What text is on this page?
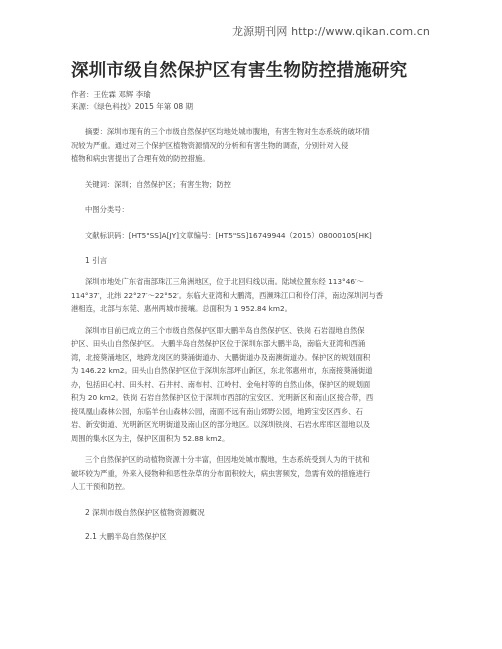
龙源期刊网 http://www.qikan.com.cn
深圳市级自然保护区有害生物防控措施研究
作者：王佐霖 邓辉 李瑜
来源：《绿色科技》2015 年第 08 期
摘要：深圳市现有的三个市级自然保护区均地处城市腹地，有害生物对生态系统的破坏情
况较为严重。通过对三个保护区植物资源情况的分析和有害生物的调查，分别针对入侵
植物和病虫害提出了合理有效的防控措施。
关键词：深圳；自然保护区；有害生物；防控
中图分类号：
文献标识码：[HT5"SS]A[JY]文章编号：[HT5"SS]16749944（2015）08000105[HK]
1 引言
深圳市地处广东省南部珠江三角洲地区，位于北回归线以南。陆域位置东经 113°46′～
114°37′，北纬 22°27′～22°52′。东临大亚湾和大鹏湾，西濒珠江口和伶仃洋，南边深圳河与香
港相连，北部与东莞、惠州两城市接壤。总面积为 1 952.84 km2。
深圳市目前已成立的三个市级自然保护区即大鹏半岛自然保护区、铁岗 石岩湿地自然保
护区、田头山自然保护区。 大鹏半岛自然保护区位于深圳东部大鹏半岛，南临大亚湾和西涌
湾，北接葵涌地区，地跨龙岗区的葵涌街道办、大鹏街道办及南澳街道办。保护区的规划面积
为 146.22 km2。田头山自然保护区位于深圳东部坪山新区，东北邻惠州市，东南接葵涌街道
办，包括田心村、田头村、石井村、南布村、江岭村、金龟村等的自然山体，保护区的规划面
积为 20 km2。铁岗 石岩自然保护区位于深圳市西部的宝安区、光明新区和南山区接合带，西
接凤凰山森林公园，东临羊台山森林公园，南面不远有南山郊野公园，地跨宝安区西乡、石
岩、新安街道、光明新区光明街道及南山区的部分地区。以深圳铁岗、石岩水库库区湿地以及
周围的集水区为主，保护区面积为 52.88 km2。
三个自然保护区的动植物资源十分丰富，但因地处城市腹地，生态系统受到人为的干扰和
破坏较为严重，外来入侵物种和恶性杂草的分布面积较大，病虫害频发，急需有效的措施进行
人工干预和防控。
2 深圳市级自然保护区植物资源概况
2.1 大鹏半岛自然保护区
